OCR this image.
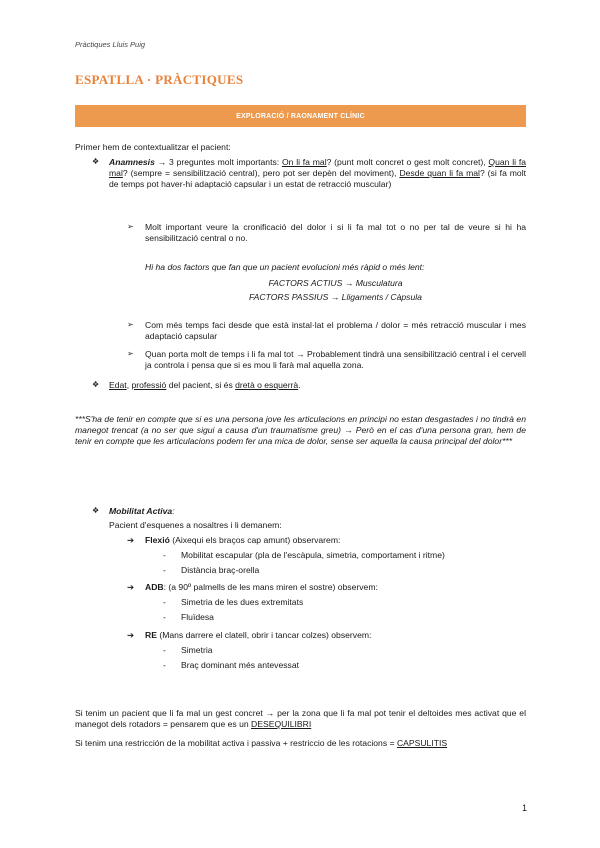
Pràctiques Lluis Puig
ESPATLLA · PRÀCTIQUES
EXPLORACIÓ / RAONAMENT CLÍNIC
Primer hem de contextualitzar el pacient:
❖ Anamnesis → 3 preguntes molt importants: On li fa mal? (punt molt concret o gest molt concret), Quan li fa mal? (sempre = sensibilització central), pero pot ser depèn del moviment), Desde quan li fa mal? (si fa molt de temps pot haver-hi adaptació capsular i un estat de retracció muscular)
➢ Molt important veure la cronificació del dolor i si li fa mal tot o no per tal de veure si hi ha sensibilització central o no.
Hi ha dos factors que fan que un pacient evolucioni més ràpid o més lent:
FACTORS ACTIUS → Musculatura
FACTORS PASSIUS → Lligaments / Càpsula
➢ Com més temps faci desde que està instal·lat el problema / dolor = més retracció muscular i mes adaptació capsular
➢ Quan porta molt de temps i li fa mal tot → Probablement tindrà una sensibilització central i el cervell ja controla i pensa que si es mou li farà mal aquella zona.
❖ Edat, professió del pacient, si és dretà o esquerrà.
***S'ha de tenir en compte que si es una persona jove les articulacions en principi no estan desgastades i no tindrà en manegot trencat (a no ser que sigui a causa d'un traumatisme greu) → Però en el cas d'una persona gran, hem de tenir en compte que les articulacions podem fer una mica de dolor, sense ser aquella la causa principal del dolor***
❖ Mobilitat Activa:
Pacient d'esquenes a nosaltres i li demanem:
➔ Flexió (Aixequi els braços cap amunt) observarem:
- Mobilitat escapular (pla de l'escàpula, simetria, comportament i ritme)
- Distància braç-orella
➔ ADB: (a 90º palmells de les mans miren el sostre) observem:
- Simetria de les dues extremitats
- Fluïdesa
➔ RE (Mans darrere el clatell, obrir i tancar colzes) observem:
- Simetria
- Braç dominant més antevessat
Si tenim un pacient que li fa mal un gest concret → per la zona que li fa mal pot tenir el deltoides mes activat que el manegot dels rotadors = pensarem que es un DESEQUILIBRI
Si tenim una restricción de la mobilitat activa i passiva + restriccio de les rotacions = CAPSULITIS
1
